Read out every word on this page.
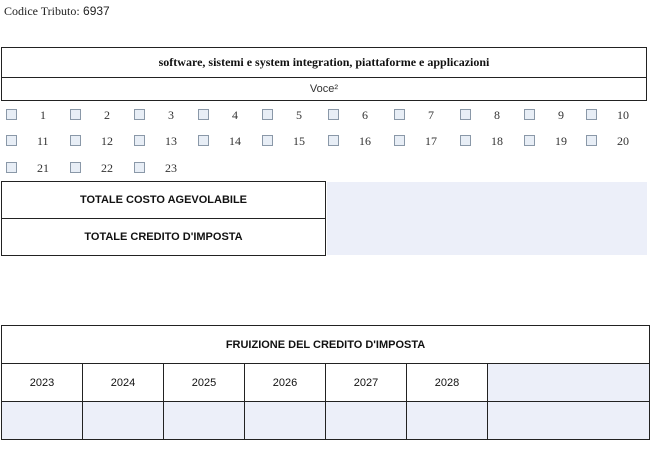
Codice Tributo: 6937
software, sistemi e system integration, piattaforme e applicazioni
Voce²
1	2	3	4	5	6	7	8	9	10
11	12	13	14	15	16	17	18	19	20
21	22	23
TOTALE COSTO AGEVOLABILE
TOTALE CREDITO D'IMPOSTA
FRUIZIONE DEL CREDITO D'IMPOSTA						
2023	2024	2025	2026	2027	2028	
